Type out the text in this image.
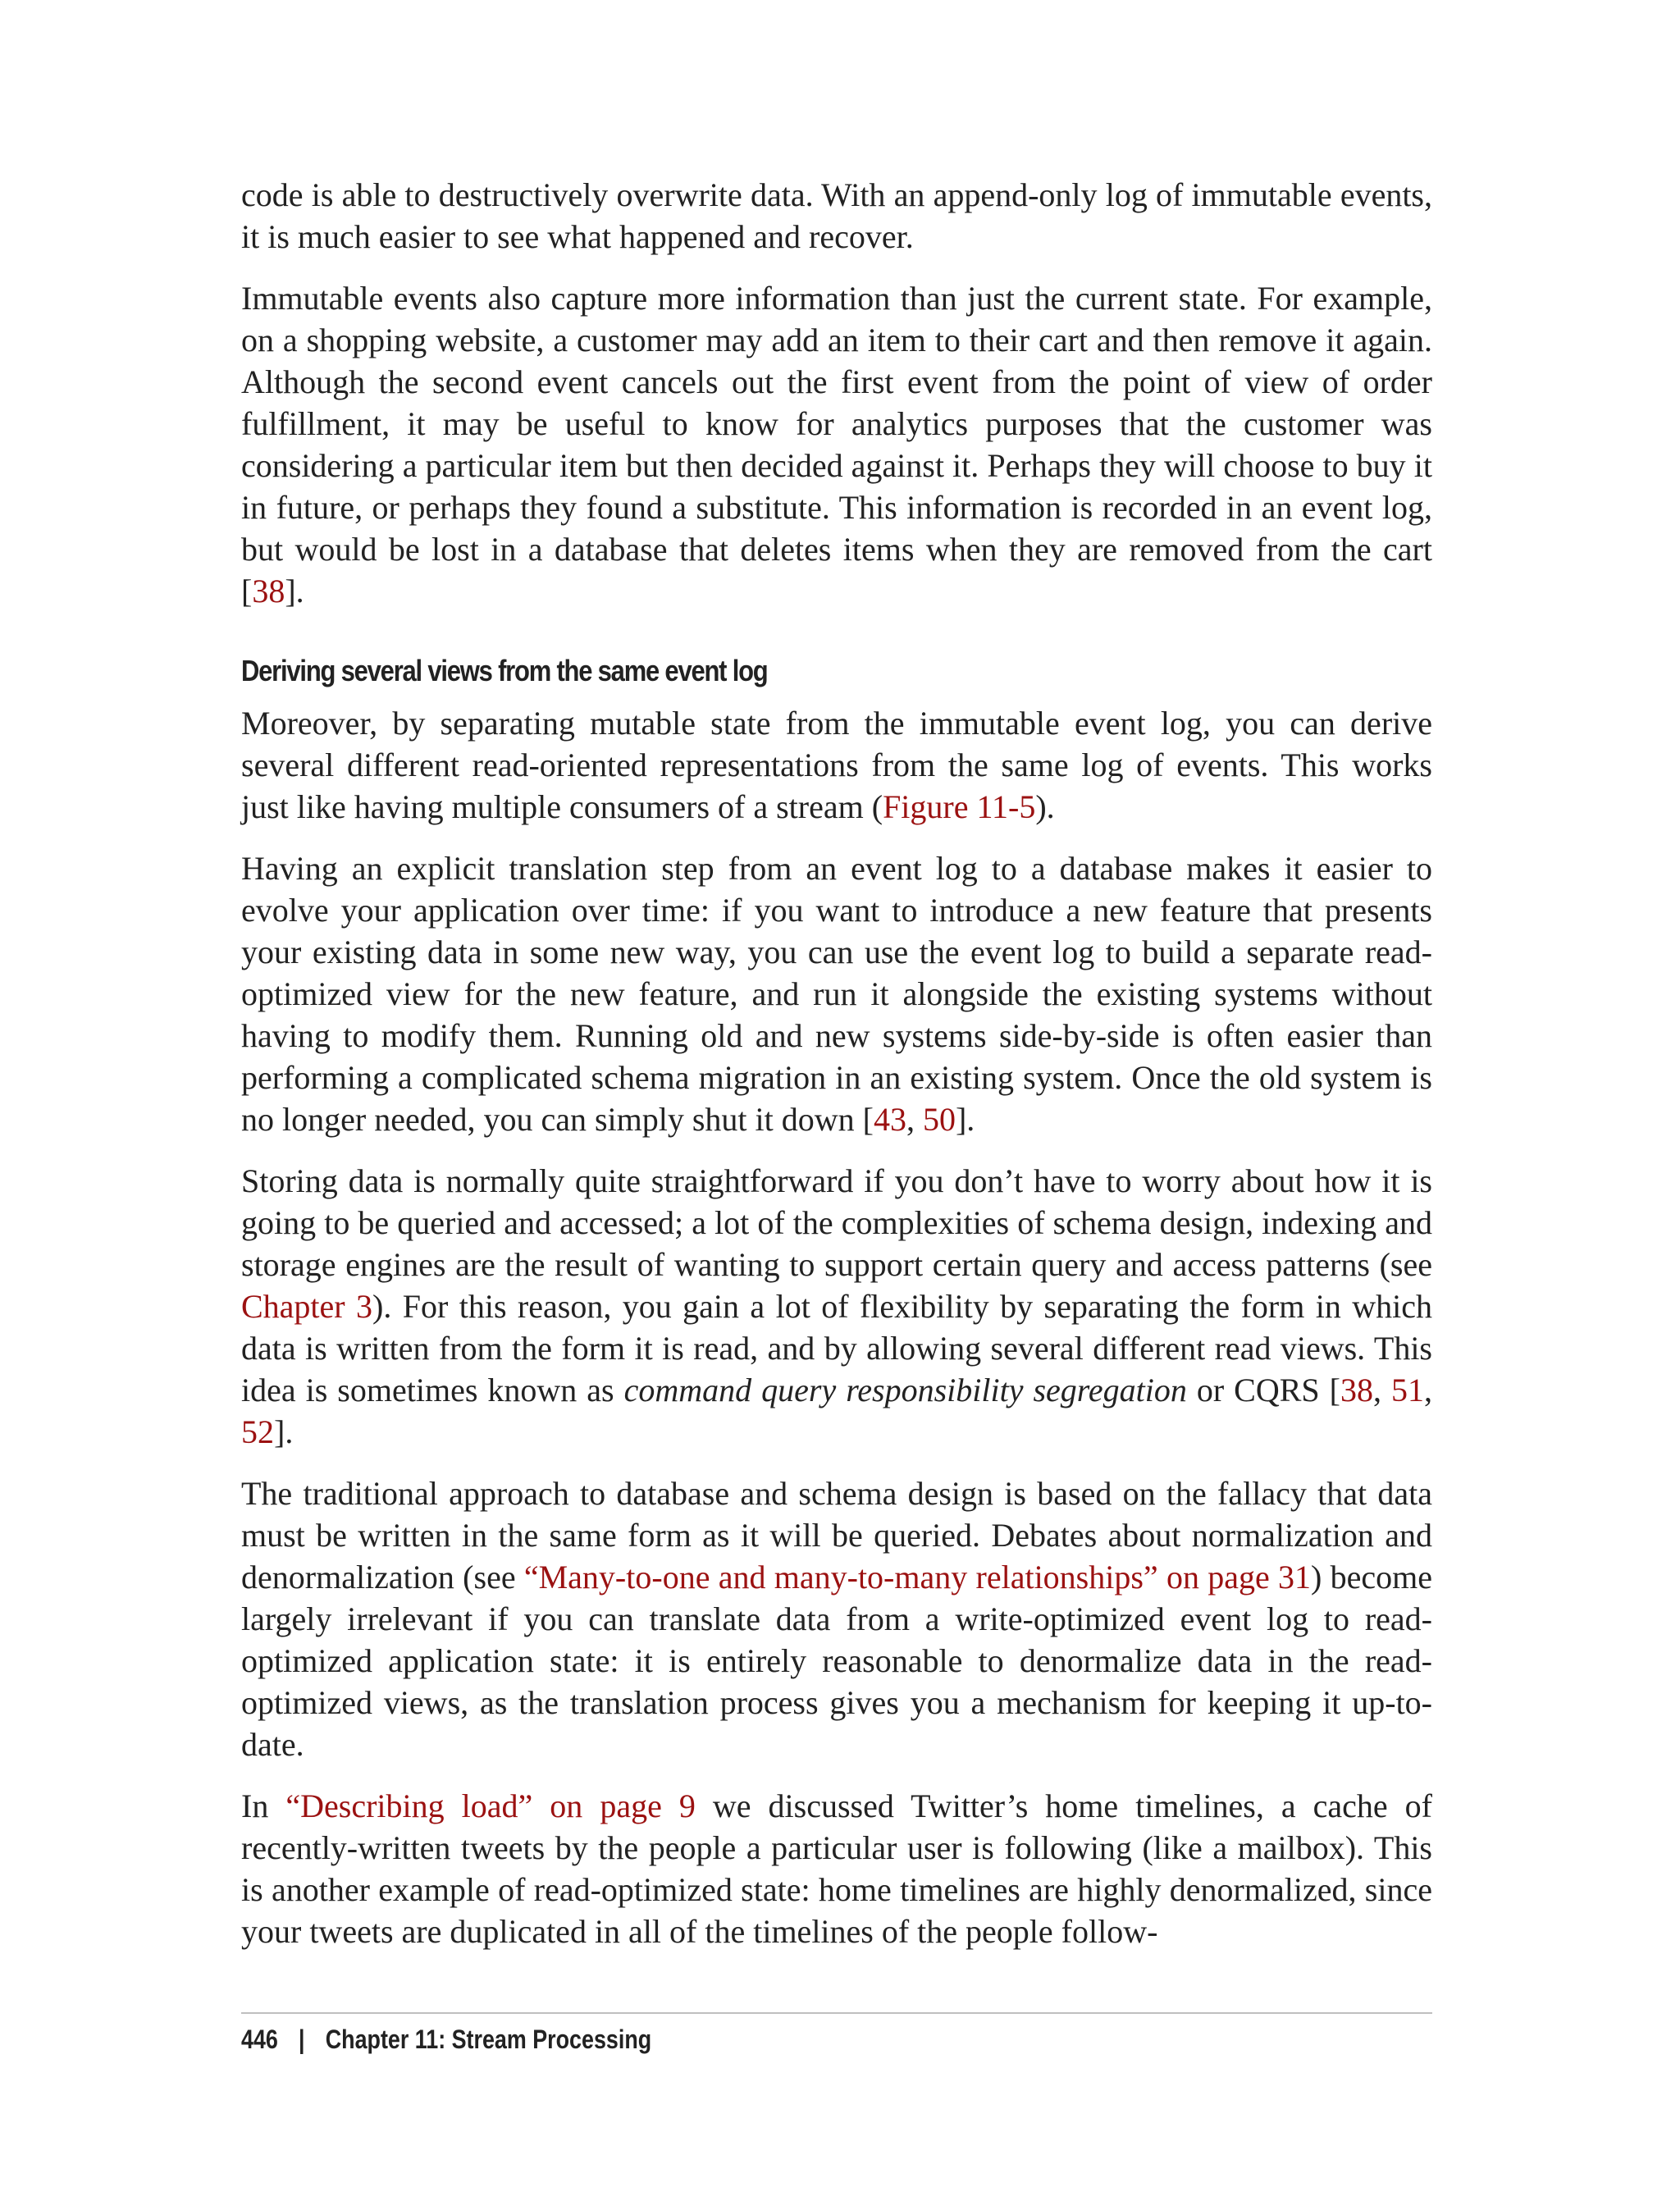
code is able to destructively overwrite data. With an append-only log of immutable events, it is much easier to see what happened and recover.

Immutable events also capture more information than just the current state. For example, on a shopping website, a customer may add an item to their cart and then remove it again. Although the second event cancels out the first event from the point of view of order fulfillment, it may be useful to know for analytics purposes that the customer was considering a particular item but then decided against it. Perhaps they will choose to buy it in future, or perhaps they found a substitute. This information is recorded in an event log, but would be lost in a database that deletes items when they are removed from the cart [38].

Deriving several views from the same event log

Moreover, by separating mutable state from the immutable event log, you can derive several different read-oriented representations from the same log of events. This works just like having multiple consumers of a stream (Figure 11-5).

Having an explicit translation step from an event log to a database makes it easier to evolve your application over time: if you want to introduce a new feature that presents your existing data in some new way, you can use the event log to build a separate read-optimized view for the new feature, and run it alongside the existing systems without having to modify them. Running old and new systems side-by-side is often easier than performing a complicated schema migration in an existing system. Once the old system is no longer needed, you can simply shut it down [43, 50].

Storing data is normally quite straightforward if you don’t have to worry about how it is going to be queried and accessed; a lot of the complexities of schema design, indexing and storage engines are the result of wanting to support certain query and access patterns (see Chapter 3). For this reason, you gain a lot of flexibility by separating the form in which data is written from the form it is read, and by allowing several different read views. This idea is sometimes known as command query responsibility segregation or CQRS [38, 51, 52].

The traditional approach to database and schema design is based on the fallacy that data must be written in the same form as it will be queried. Debates about normalization and denormalization (see “Many-to-one and many-to-many relationships” on page 31) become largely irrelevant if you can translate data from a write-optimized event log to read-optimized application state: it is entirely reasonable to denormalize data in the read-optimized views, as the translation process gives you a mechanism for keeping it up-to-date.

In “Describing load” on page 9 we discussed Twitter’s home timelines, a cache of recently-written tweets by the people a particular user is following (like a mailbox). This is another example of read-optimized state: home timelines are highly denormalized, since your tweets are duplicated in all of the timelines of the people follow-

446 | Chapter 11: Stream Processing
